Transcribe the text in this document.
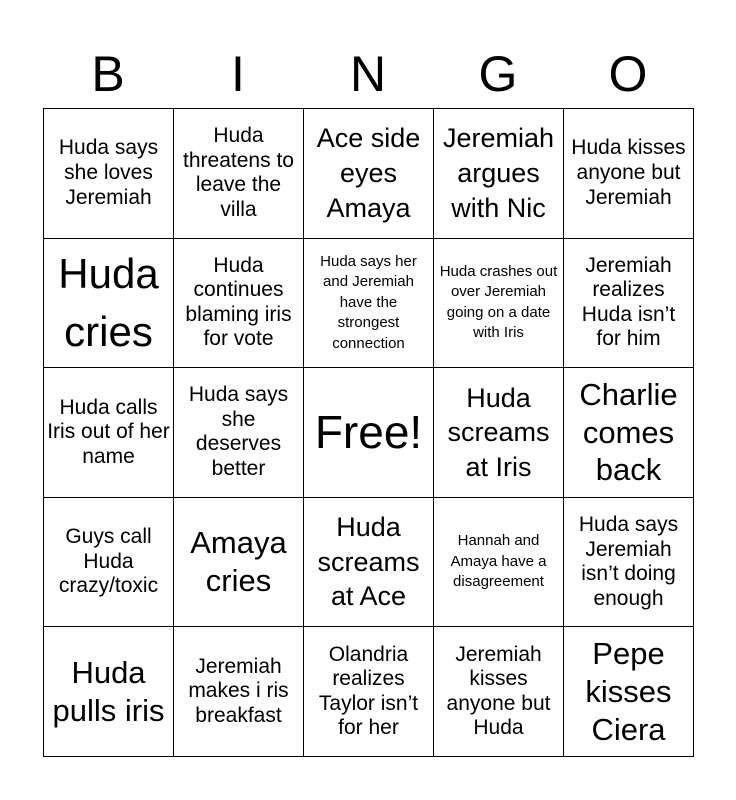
B	I	N	G	O
Huda says she loves Jeremiah
Huda threatens to leave the villa
Ace side eyes Amaya
Jeremiah argues with Nic
Huda kisses anyone but Jeremiah
Huda cries
Huda continues blaming iris for vote
Huda says her and Jeremiah have the strongest connection
Huda crashes out over Jeremiah going on a date with Iris
Jeremiah realizes Huda isn’t for him
Huda calls Iris out of her name
Huda says she deserves better
Free!
Huda screams at Iris
Charlie comes back
Guys call Huda crazy/toxic
Amaya cries
Huda screams at Ace
Hannah and Amaya have a disagreement
Huda says Jeremiah isn’t doing enough
Huda pulls iris
Jeremiah makes i ris breakfast
Olandria realizes Taylor isn’t for her
Jeremiah kisses anyone but Huda
Pepe kisses Ciera
